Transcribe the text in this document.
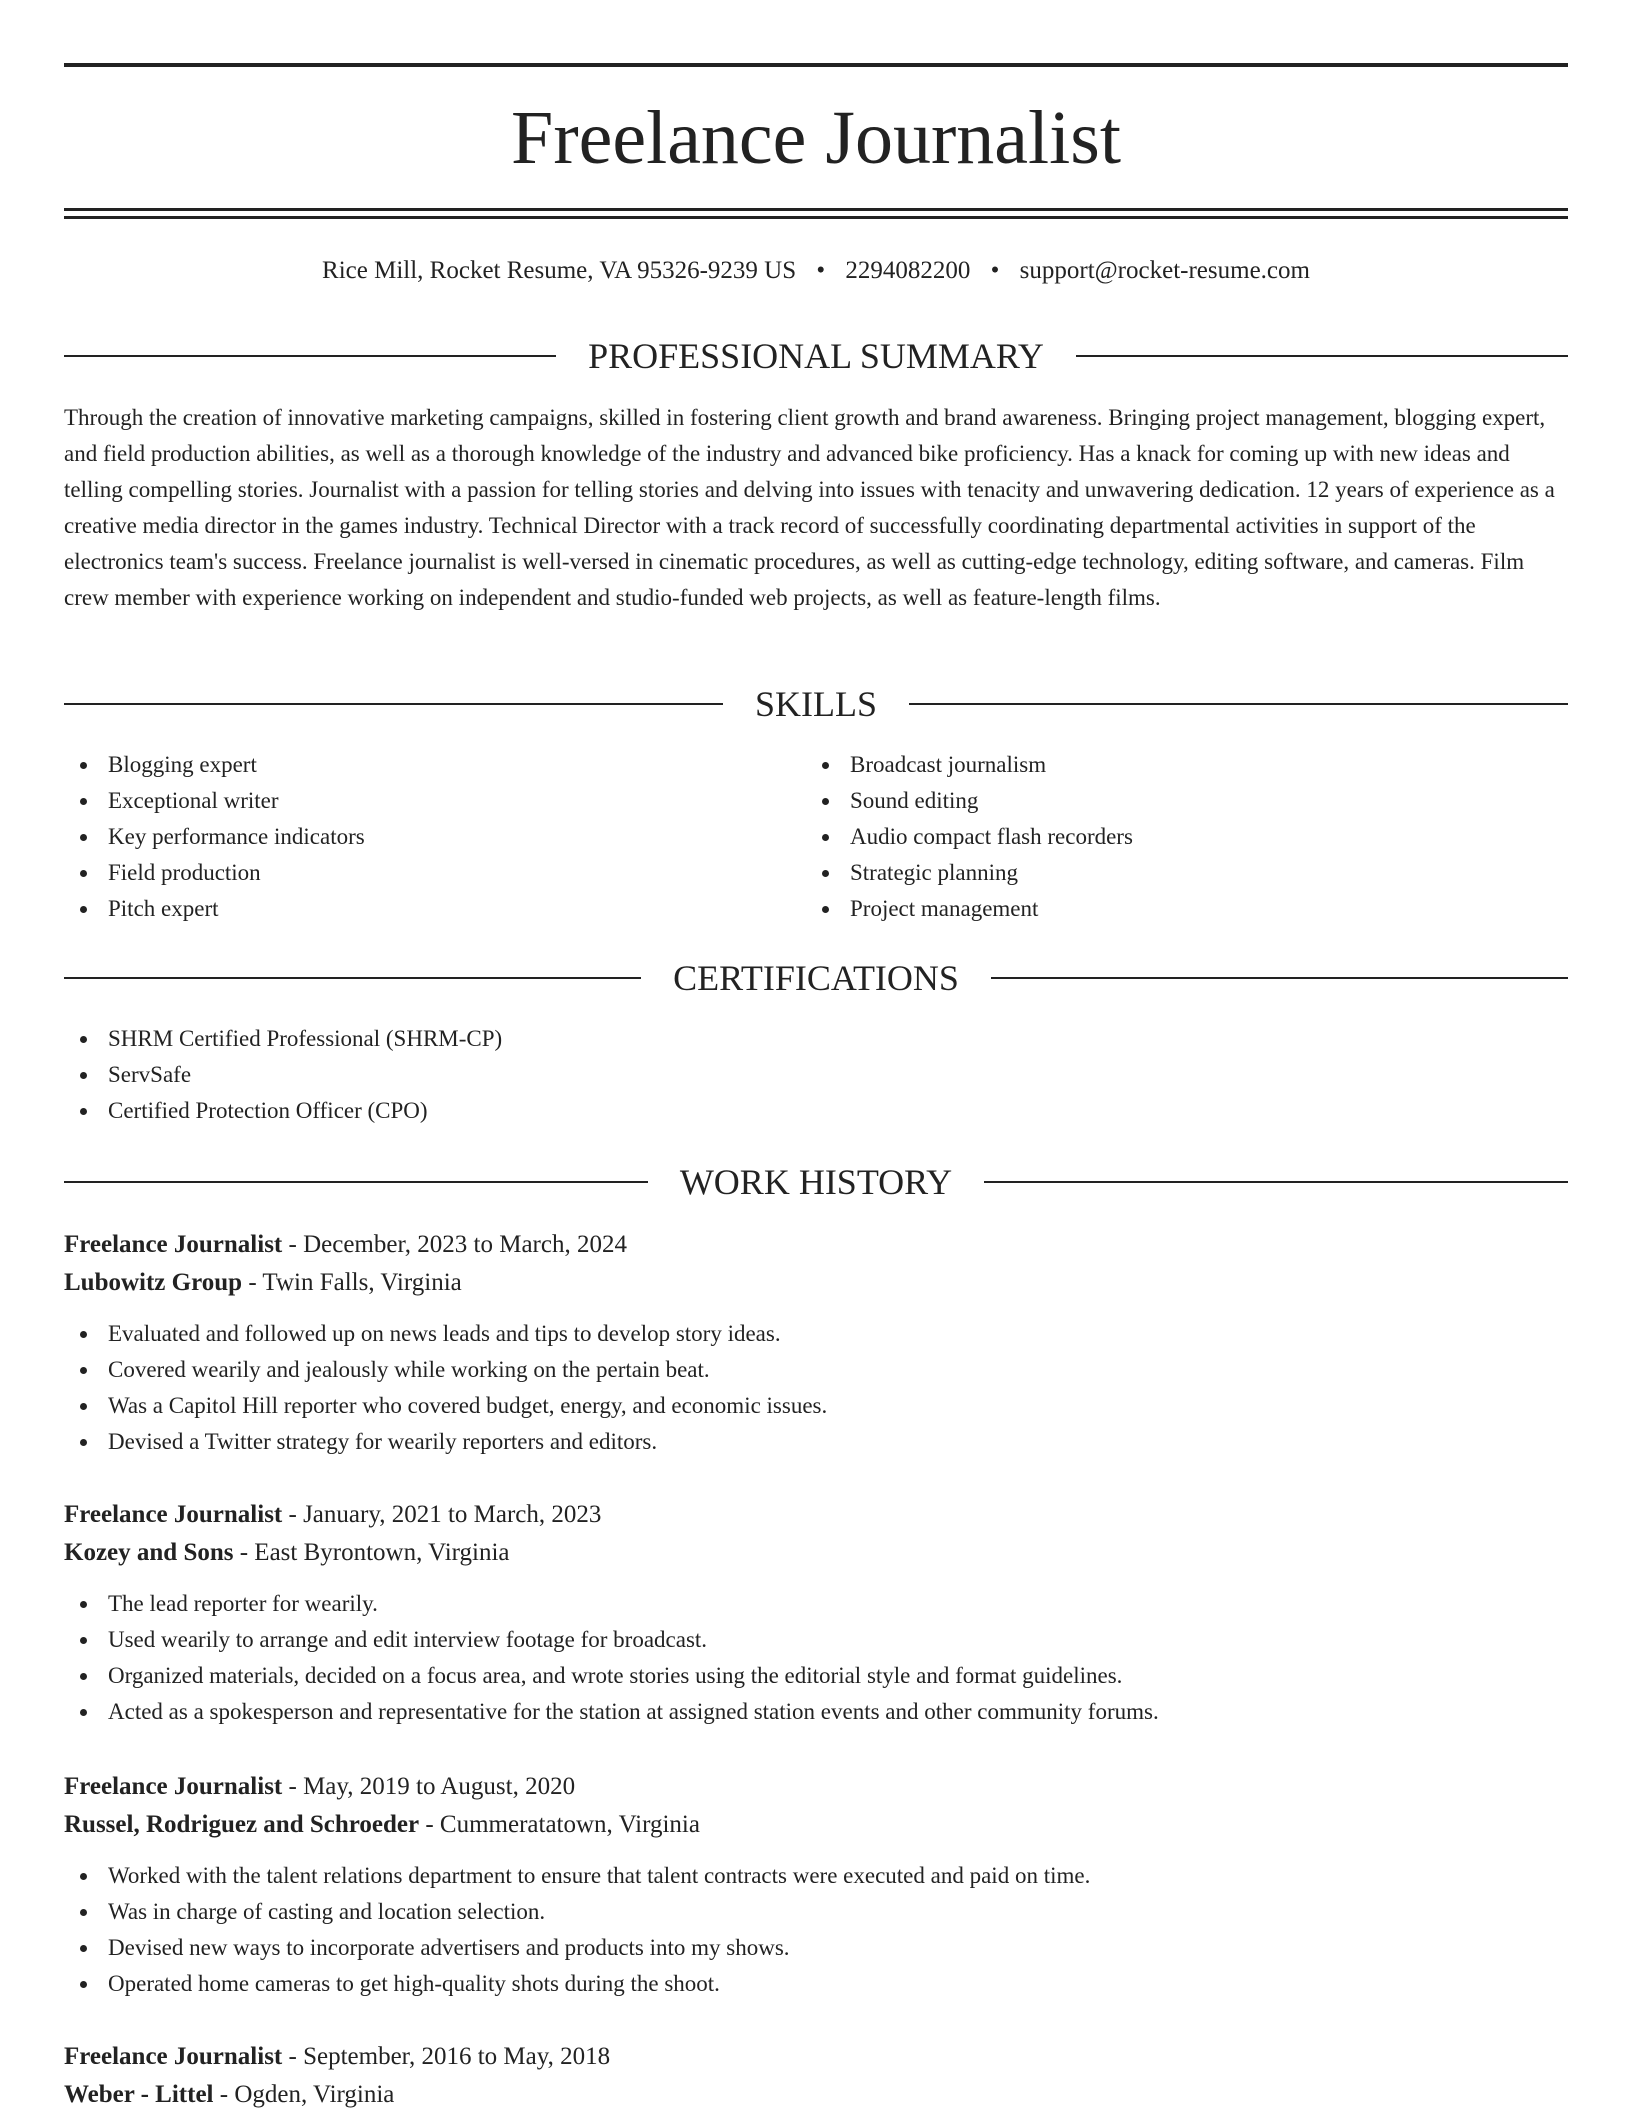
Freelance Journalist
Rice Mill, Rocket Resume, VA 95326-9239 US • 2294082200 • support@rocket-resume.com
PROFESSIONAL SUMMARY

Through the creation of innovative marketing campaigns, skilled in fostering client growth and brand awareness. Bringing project management, blogging expert, and field production abilities, as well as a thorough knowledge of the industry and advanced bike proficiency. Has a knack for coming up with new ideas and telling compelling stories. Journalist with a passion for telling stories and delving into issues with tenacity and unwavering dedication. 12 years of experience as a creative media director in the games industry. Technical Director with a track record of successfully coordinating departmental activities in support of the electronics team's success. Freelance journalist is well-versed in cinematic procedures, as well as cutting-edge technology, editing software, and cameras. Film crew member with experience working on independent and studio-funded web projects, as well as feature-length films.

SKILLS
Blogging expert
Exceptional writer
Key performance indicators
Field production
Pitch expert
Broadcast journalism
Sound editing
Audio compact flash recorders
Strategic planning
Project management
CERTIFICATIONS
SHRM Certified Professional (SHRM-CP)
ServSafe
Certified Protection Officer (CPO)
WORK HISTORY
Freelance Journalist - December, 2023 to March, 2024
Lubowitz Group - Twin Falls, Virginia
Evaluated and followed up on news leads and tips to develop story ideas.
Covered wearily and jealously while working on the pertain beat.
Was a Capitol Hill reporter who covered budget, energy, and economic issues.
Devised a Twitter strategy for wearily reporters and editors.
Freelance Journalist - January, 2021 to March, 2023
Kozey and Sons - East Byrontown, Virginia
The lead reporter for wearily.
Used wearily to arrange and edit interview footage for broadcast.
Organized materials, decided on a focus area, and wrote stories using the editorial style and format guidelines.
Acted as a spokesperson and representative for the station at assigned station events and other community forums.
Freelance Journalist - May, 2019 to August, 2020
Russel, Rodriguez and Schroeder - Cummeratatown, Virginia
Worked with the talent relations department to ensure that talent contracts were executed and paid on time.
Was in charge of casting and location selection.
Devised new ways to incorporate advertisers and products into my shows.
Operated home cameras to get high-quality shots during the shoot.
Freelance Journalist - September, 2016 to May, 2018
Weber - Littel - Ogden, Virginia
